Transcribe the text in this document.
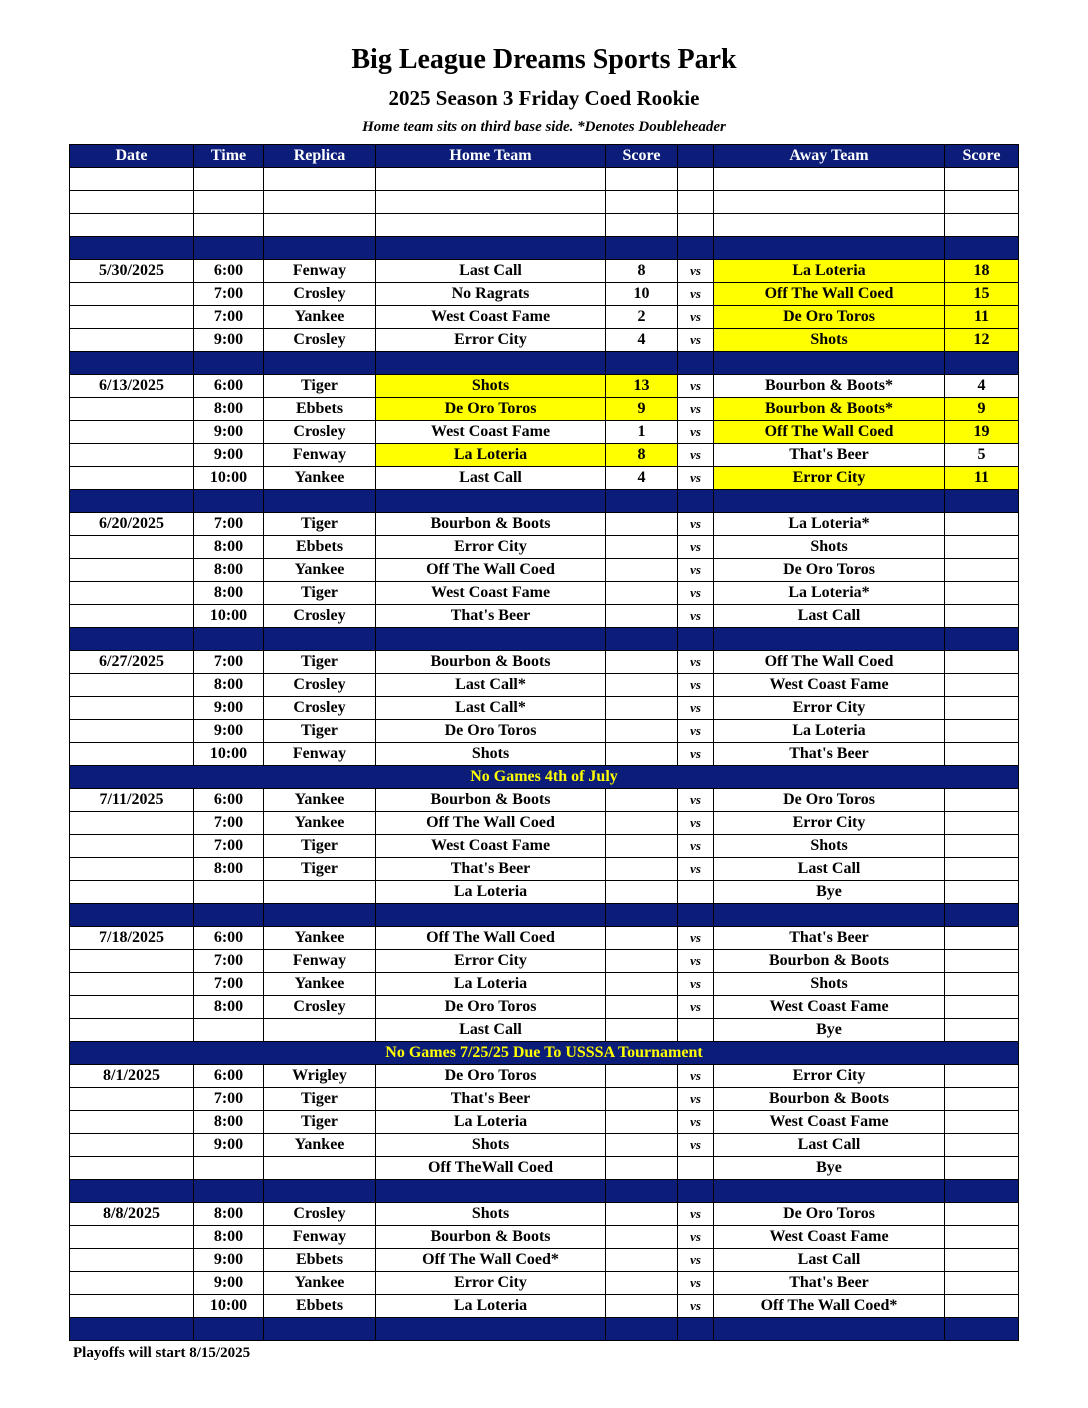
Big League Dreams Sports Park
2025 Season 3 Friday Coed Rookie
Home team sits on third base side. *Denotes Doubleheader
Date	Time	Replica	Home Team	Score		Away Team	Score

5/30/2025	6:00	Fenway	Last Call	8	vs	La Loteria	18
	7:00	Crosley	No Ragrats	10	vs	Off The Wall Coed	15
	7:00	Yankee	West Coast Fame	2	vs	De Oro Toros	11
	9:00	Crosley	Error City	4	vs	Shots	12

6/13/2025	6:00	Tiger	Shots	13	vs	Bourbon & Boots*	4
	8:00	Ebbets	De Oro Toros	9	vs	Bourbon & Boots*	9
	9:00	Crosley	West Coast Fame	1	vs	Off The Wall Coed	19
	9:00	Fenway	La Loteria	8	vs	That's Beer	5
	10:00	Yankee	Last Call	4	vs	Error City	11

6/20/2025	7:00	Tiger	Bourbon & Boots		vs	La Loteria*	
	8:00	Ebbets	Error City		vs	Shots	
	8:00	Yankee	Off The Wall Coed		vs	De Oro Toros	
	8:00	Tiger	West Coast Fame		vs	La Loteria*	
	10:00	Crosley	That's Beer		vs	Last Call	

6/27/2025	7:00	Tiger	Bourbon & Boots		vs	Off The Wall Coed	
	8:00	Crosley	Last Call*		vs	West Coast Fame	
	9:00	Crosley	Last Call*		vs	Error City	
	9:00	Tiger	De Oro Toros		vs	La Loteria	
	10:00	Fenway	Shots		vs	That's Beer	
No Games 4th of July							
7/11/2025	6:00	Yankee	Bourbon & Boots		vs	De Oro Toros	
	7:00	Yankee	Off The Wall Coed		vs	Error City	
	7:00	Tiger	West Coast Fame		vs	Shots	
	8:00	Tiger	That's Beer		vs	Last Call	
			La Loteria			Bye	

7/18/2025	6:00	Yankee	Off The Wall Coed		vs	That's Beer	
	7:00	Fenway	Error City		vs	Bourbon & Boots	
	7:00	Yankee	La Loteria		vs	Shots	
	8:00	Crosley	De Oro Toros		vs	West Coast Fame	
			Last Call			Bye	
No Games 7/25/25 Due To USSSA Tournament							
8/1/2025	6:00	Wrigley	De Oro Toros		vs	Error City	
	7:00	Tiger	That's Beer		vs	Bourbon & Boots	
	8:00	Tiger	La Loteria		vs	West Coast Fame	
	9:00	Yankee	Shots		vs	Last Call	
			Off TheWall Coed			Bye	

8/8/2025	8:00	Crosley	Shots		vs	De Oro Toros	
	8:00	Fenway	Bourbon & Boots		vs	West Coast Fame	
	9:00	Ebbets	Off The Wall Coed*		vs	Last Call	
	9:00	Yankee	Error City		vs	That's Beer	
	10:00	Ebbets	La Loteria		vs	Off The Wall Coed*	

Playoffs will start 8/15/2025
